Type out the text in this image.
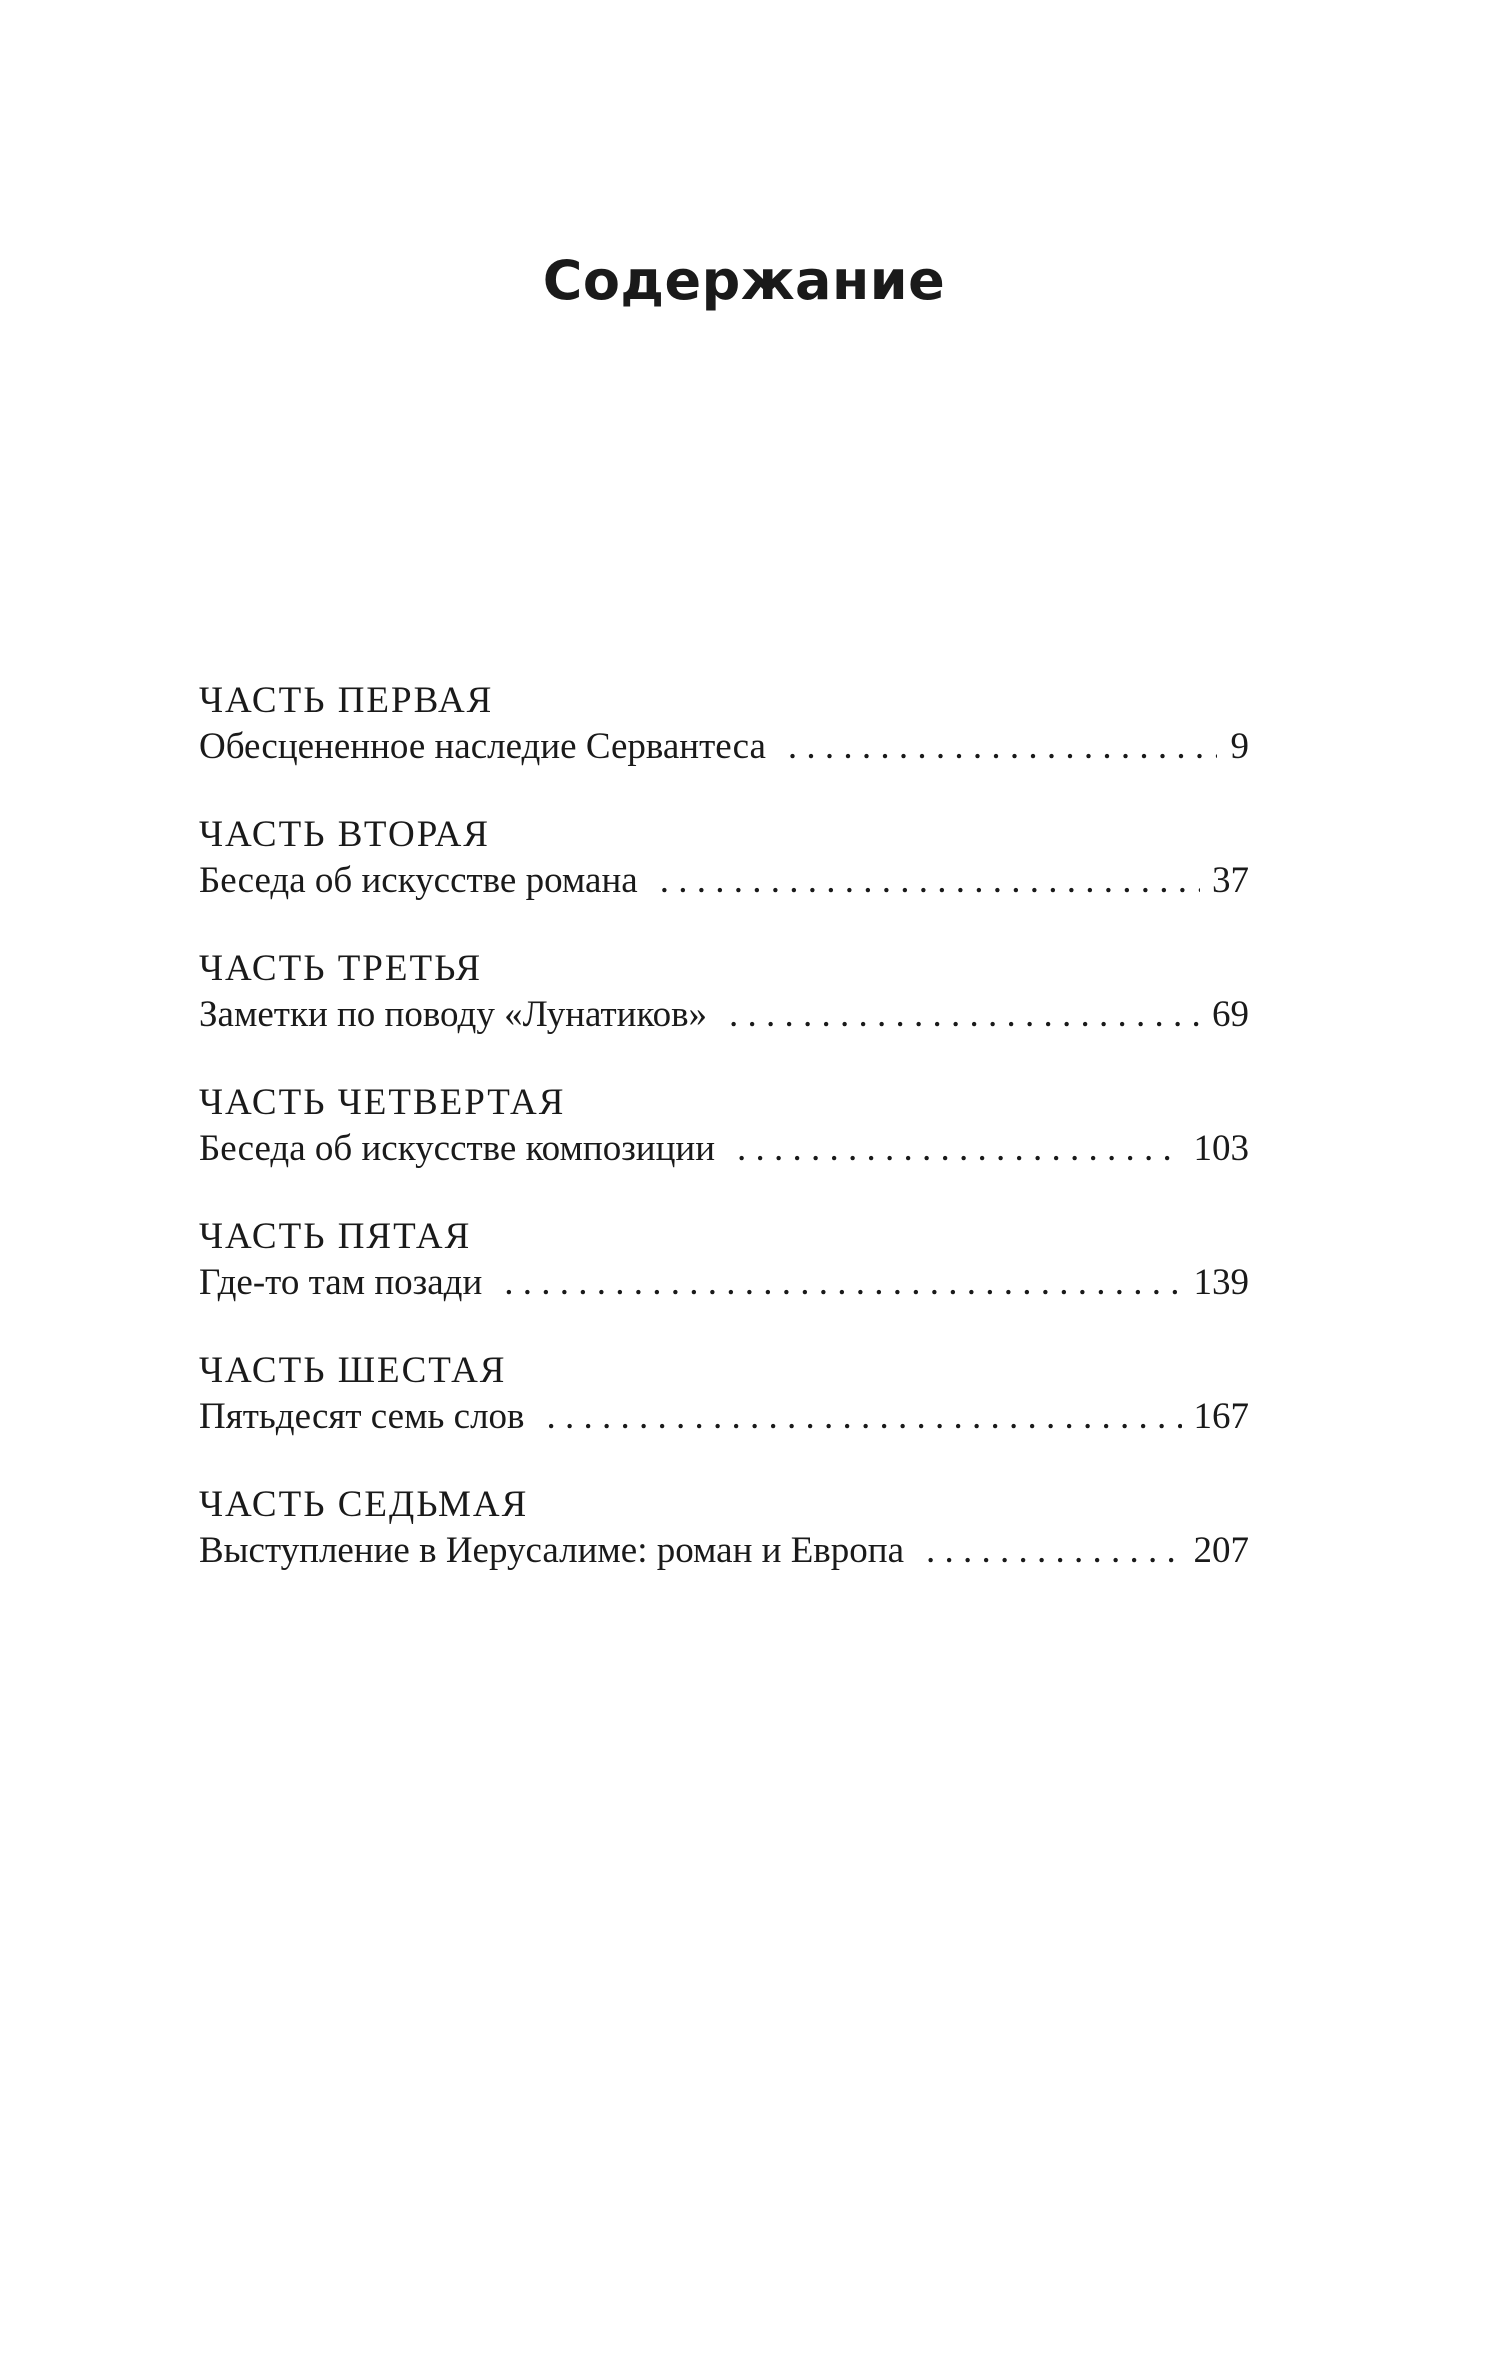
Содержание
ЧАСТЬ ПЕРВАЯ
Обесцененное наследие Сервантеса . . .	9
ЧАСТЬ ВТОРАЯ
Беседа об искусстве романа . . .	37
ЧАСТЬ ТРЕТЬЯ
Заметки по поводу «Лунатиков» . . .	69
ЧАСТЬ ЧЕТВЕРТАЯ
Беседа об искусстве композиции . . .	103
ЧАСТЬ ПЯТАЯ
Где-то там позади . . .	139
ЧАСТЬ ШЕСТАЯ
Пятьдесят семь слов . . .	167
ЧАСТЬ СЕДЬМАЯ
Выступление в Иерусалиме: роман и Европа . . .	207
